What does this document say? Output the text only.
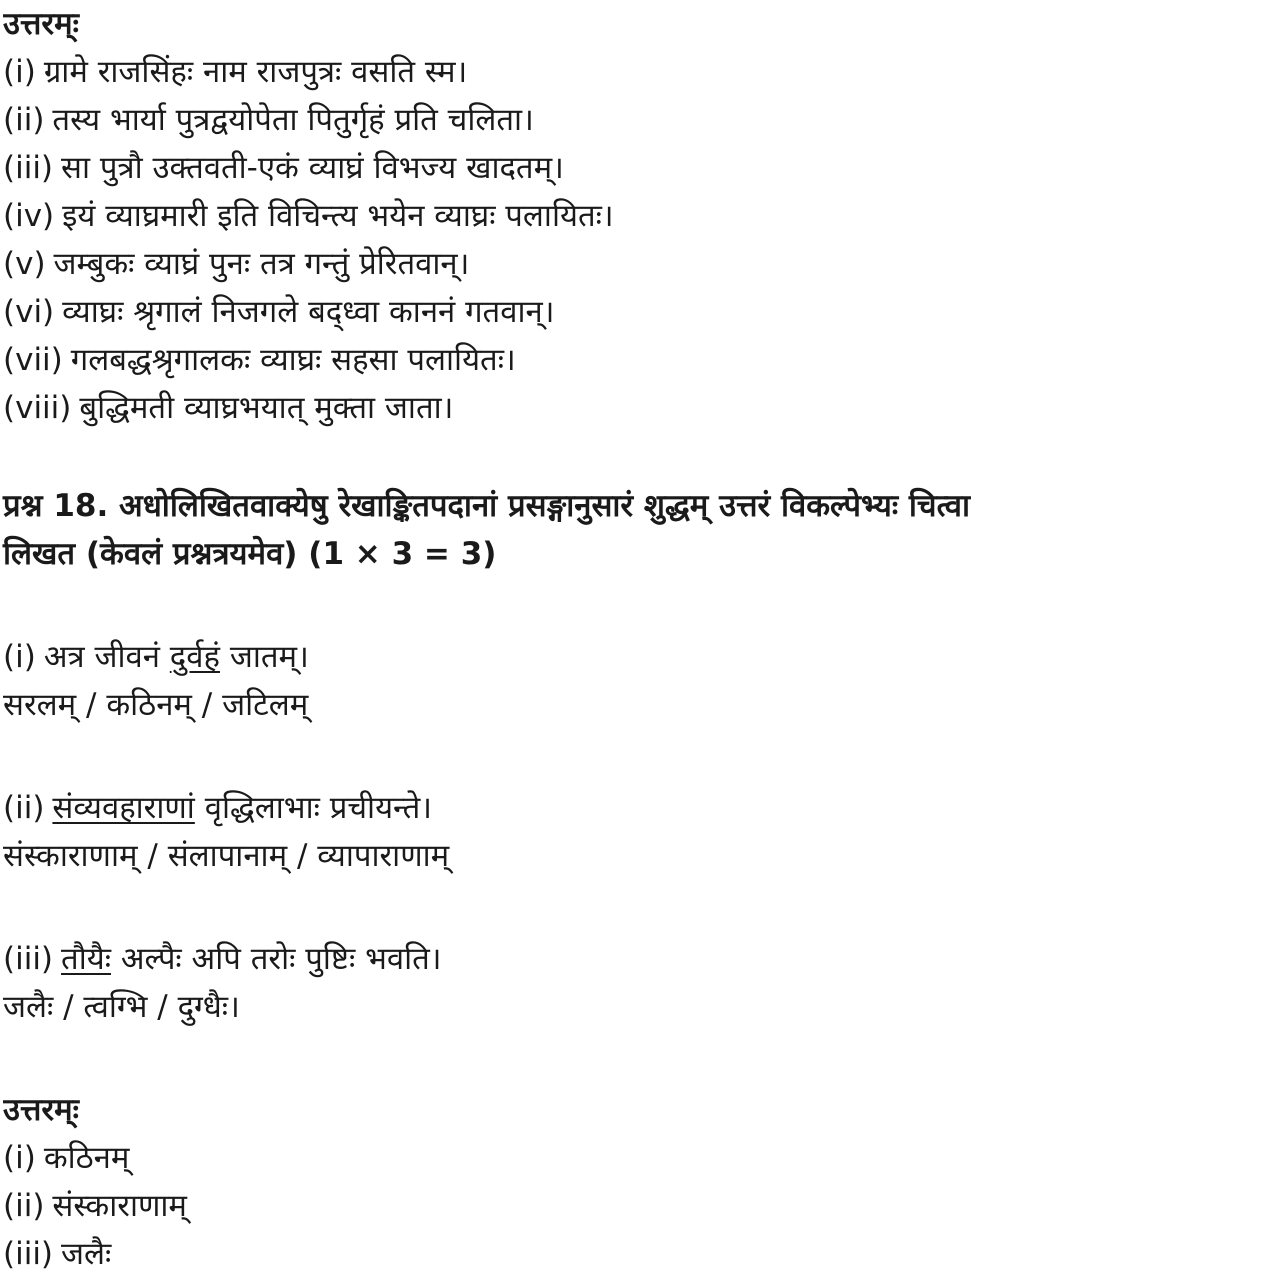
उत्तरम्ः
(i) ग्रामे राजसिंहः नाम राजपुत्रः वसति स्म।
(ii) तस्य भार्या पुत्रद्वयोपेता पितुर्गृहं प्रति चलिता।
(iii) सा पुत्रौ उक्तवती-एकं व्याघ्रं विभज्य खादतम्।
(iv) इयं व्याघ्रमारी इति विचिन्त्य भयेन व्याघ्रः पलायितः।
(v) जम्बुकः व्याघ्रं पुनः तत्र गन्तुं प्रेरितवान्।
(vi) व्याघ्रः श्रृगालं निजगले बद्ध्वा काननं गतवान्।
(vii) गलबद्धश्रृगालकः व्याघ्रः सहसा पलायितः।
(viii) बुद्धिमती व्याघ्रभयात् मुक्ता जाता।
प्रश्न 18. अधोलिखितवाक्येषु रेखाङ्कितपदानां प्रसङ्गानुसारं शुद्धम् उत्तरं विकल्पेभ्यः चित्वा
लिखत (केवलं प्रश्नत्रयमेव) (1 × 3 = 3)
(i) अत्र जीवनं दुर्वहं जातम्।
सरलम् / कठिनम् / जटिलम्
(ii) संव्यवहाराणां वृद्धिलाभाः प्रचीयन्ते।
संस्काराणाम् / संलापानाम् / व्यापाराणाम्
(iii) तौयैः अल्पैः अपि तरोः पुष्टिः भवति।
जलैः / त्वग्भि / दुग्धैः।
उत्तरम्ः
(i) कठिनम्
(ii) संस्काराणाम्
(iii) जलैः
